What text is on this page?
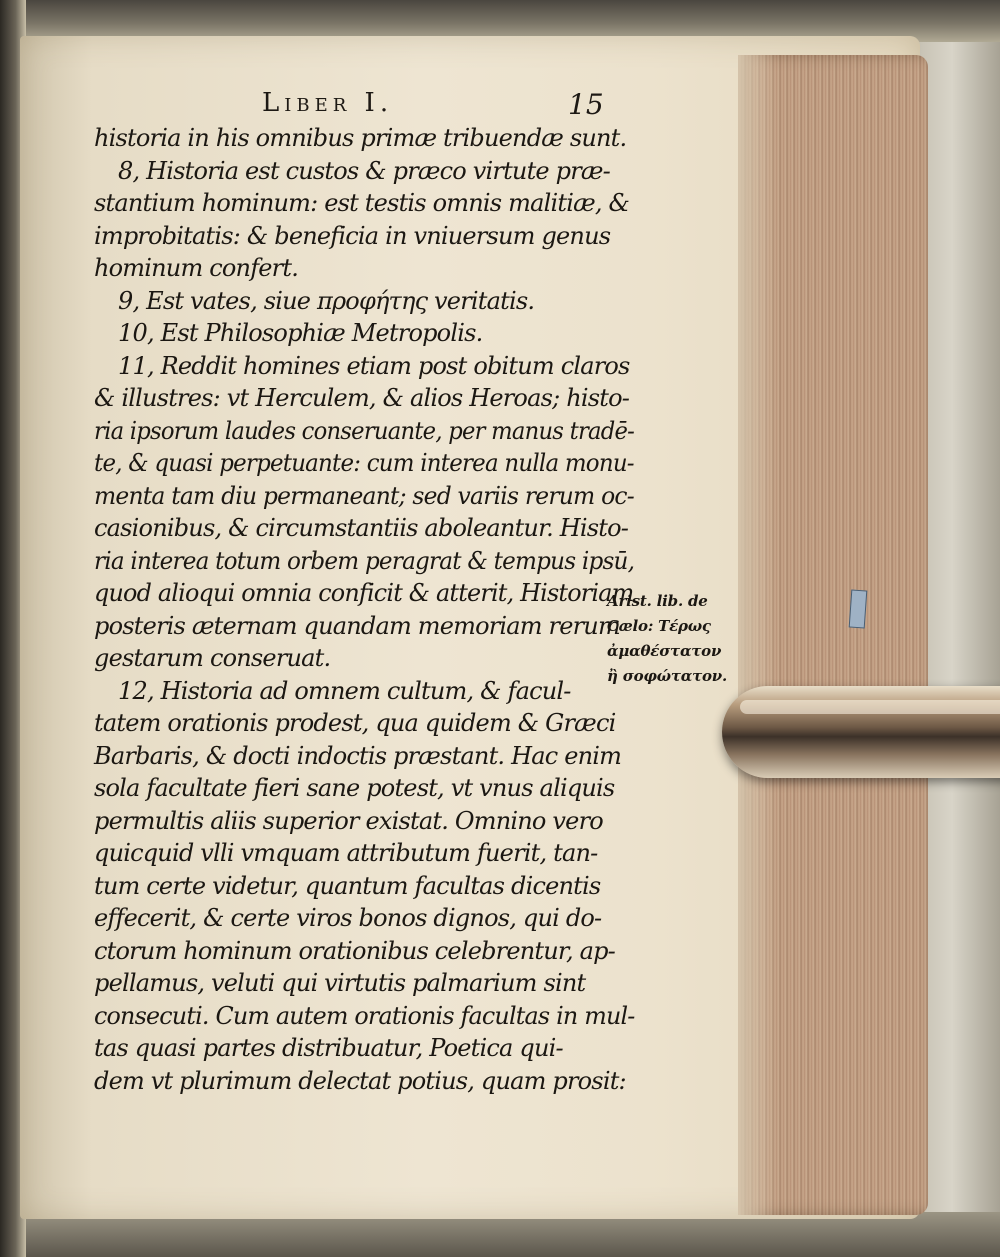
Liber I.	15
historia in his omnibus primæ tribuendæ sunt.
8, Historia est custos & præco virtute præ-
stantium hominum: est testis omnis malitiæ, &
improbitatis: & beneficia in vniuersum genus
hominum confert.
9, Est vates, siue προφήτης veritatis.
10, Est Philosophiæ Metropolis.
11, Reddit homines etiam post obitum claros
& illustres: vt Herculem, & alios Heroas; histo-
ria ipsorum laudes conseruante, per manus tradē-
te, & quasi perpetuante: cum interea nulla monu-
menta tam diu permaneant; sed variis rerum oc-
casionibus, & circumstantiis aboleantur. Histo-
ria interea totum orbem peragrat & tempus ipsū,
quod alioqui omnia conficit & atterit, Historiam
posteris æternam quandam memoriam rerum
gestarum conseruat.
12, Historia ad omnem cultum, & facul-
tatem orationis prodest, qua quidem & Græci
Barbaris, & docti indoctis præstant. Hac enim
sola facultate fieri sane potest, vt vnus aliquis
permultis aliis superior existat. Omnino vero
quicquid vlli vmquam attributum fuerit, tan-
tum certe videtur, quantum facultas dicentis
effecerit, & certe viros bonos dignos, qui do-
ctorum hominum orationibus celebrentur, ap-
pellamus, veluti qui virtutis palmarium sint
consecuti. Cum autem orationis facultas in mul-
tas quasi partes distribuatur, Poetica qui-
dem vt plurimum delectat potius, quam prosit:
Arist. lib. de
Cælo: Τέρως
ἀμαθέστατον
ἢ σοφώτατον.
